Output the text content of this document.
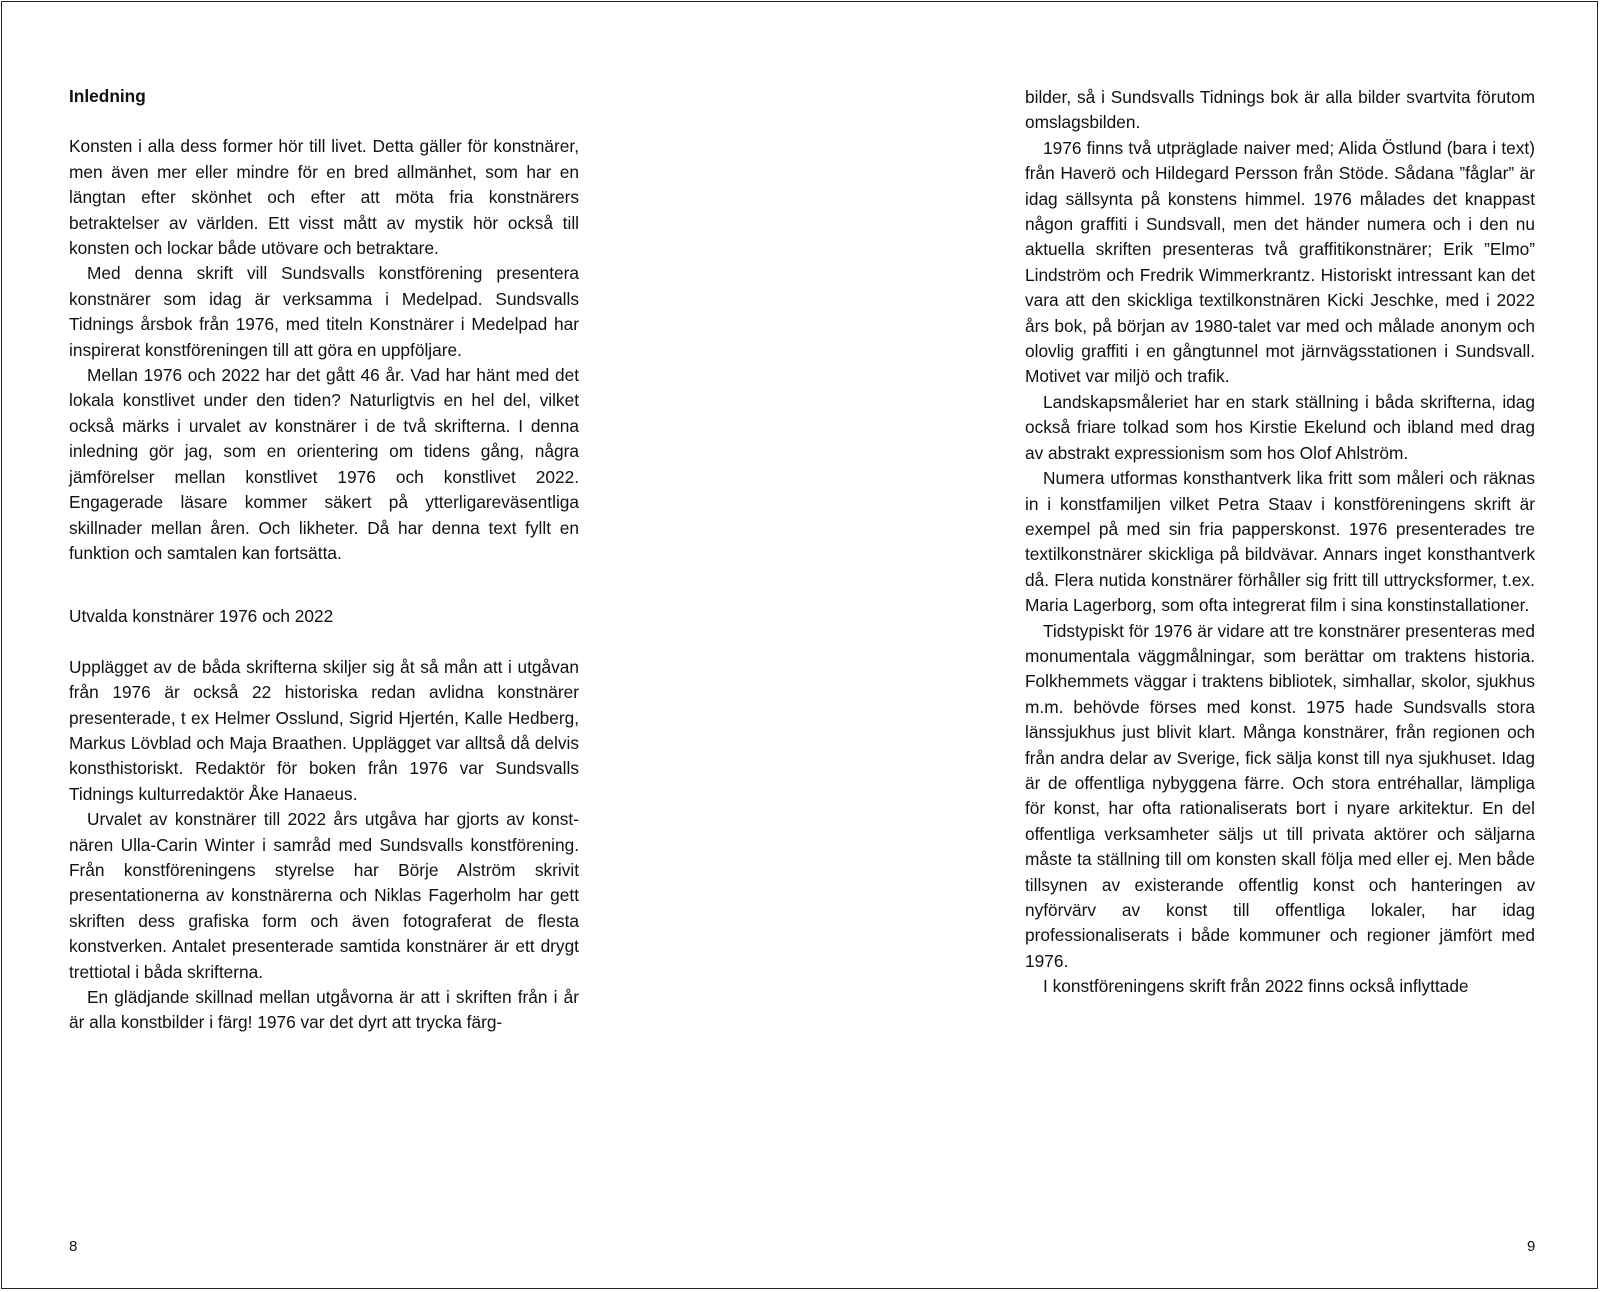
Inledning

Konsten i alla dess former hör till livet. Detta gäller för konstnärer, men även mer eller mindre för en bred allmänhet, som har en längtan efter skönhet och efter att möta fria konstnärers betraktelser av världen. Ett visst mått av mystik hör också till konsten och lockar både utövare och betraktare.

Med denna skrift vill Sundsvalls konstförening presentera konstnärer som idag är verksamma i Medelpad. Sundsvalls Tidnings årsbok från 1976, med titeln Konstnärer i Medelpad har inspirerat konstföreningen till att göra en uppföljare.

Mellan 1976 och 2022 har det gått 46 år. Vad har hänt med det lokala konstlivet under den tiden? Naturligtvis en hel del, vilket också märks i urvalet av konstnärer i de två skrifterna. I denna inledning gör jag, som en orientering om tidens gång, några jämförelser mellan konstlivet 1976 och konstlivet 2022. Engagerade läsare kommer säkert på ytterligareväsentliga skillnader mellan åren. Och likheter. Då har denna text fyllt en funktion och samtalen kan fortsätta.

Utvalda konstnärer 1976 och 2022

Upplägget av de båda skrifterna skiljer sig åt så mån att i utgåvan från 1976 är också 22 historiska redan avlidna konstnärer presenterade, t ex Helmer Osslund, Sigrid Hjertén, Kalle Hedberg, Markus Lövblad och Maja Braathen. Upplägget var alltså då delvis konsthistoriskt. Redaktör för boken från 1976 var Sundsvalls Tidnings kulturredaktör Åke Hanaeus.

Urvalet av konstnärer till 2022 års utgåva har gjorts av konstnären Ulla-Carin Winter i samråd med Sundsvalls konstförening. Från konstföreningens styrelse har Börje Alström skrivit presentationerna av konstnärerna och Niklas Fagerholm har gett skriften dess grafiska form och även fotograferat de flesta konstverken. Antalet presenterade samtida konstnärer är ett drygt trettiotal i båda skrifterna.

En glädjande skillnad mellan utgåvorna är att i skriften från i år är alla konstbilder i färg! 1976 var det dyrt att trycka färg-

bilder, så i Sundsvalls Tidnings bok är alla bilder svartvita förutom omslagsbilden.

1976 finns två utpräglade naiver med; Alida Östlund (bara i text) från Haverö och Hildegard Persson från Stöde. Sådana ”fåglar” är idag sällsynta på konstens himmel. 1976 målades det knappast någon graffiti i Sundsvall, men det händer numera och i den nu aktuella skriften presenteras två graffitikonstnärer; Erik ”Elmo” Lindström och Fredrik Wimmerkrantz. Historiskt intressant kan det vara att den skickliga textilkonstnären Kicki Jeschke, med i 2022 års bok, på början av 1980-talet var med och målade anonym och olovlig graffiti i en gångtunnel mot järnvägsstationen i Sundsvall. Motivet var miljö och trafik.

Landskapsmåleriet har en stark ställning i båda skrifterna, idag också friare tolkad som hos Kirstie Ekelund och ibland med drag av abstrakt expressionism som hos Olof Ahlström.

Numera utformas konsthantverk lika fritt som måleri och räknas in i konstfamiljen vilket Petra Staav i konstföreningens skrift är exempel på med sin fria papperskonst. 1976 presenterades tre textilkonstnärer skickliga på bildvävar. Annars inget konsthantverk då. Flera nutida konstnärer förhåller sig fritt till uttrycksformer, t.ex. Maria Lagerborg, som ofta integrerat film i sina konstinstallationer.

Tidstypiskt för 1976 är vidare att tre konstnärer presenteras med monumentala väggmålningar, som berättar om traktens historia. Folkhemmets väggar i traktens bibliotek, simhallar, skolor, sjukhus m.m. behövde förses med konst. 1975 hade Sundsvalls stora länssjukhus just blivit klart. Många konstnärer, från regionen och från andra delar av Sverige, fick sälja konst till nya sjukhuset. Idag är de offentliga nybyggena färre. Och stora entréhallar, lämpliga för konst, har ofta rationaliserats bort i nyare arkitektur. En del offentliga verksamheter säljs ut till privata aktörer och säljarna måste ta ställning till om konsten skall följa med eller ej. Men både tillsynen av existerande offentlig konst och hanteringen av nyförvärv av konst till offentliga lokaler, har idag professionaliserats i både kommuner och regioner jämfört med 1976.

I konstföreningens skrift från 2022 finns också inflyttade

8	9
